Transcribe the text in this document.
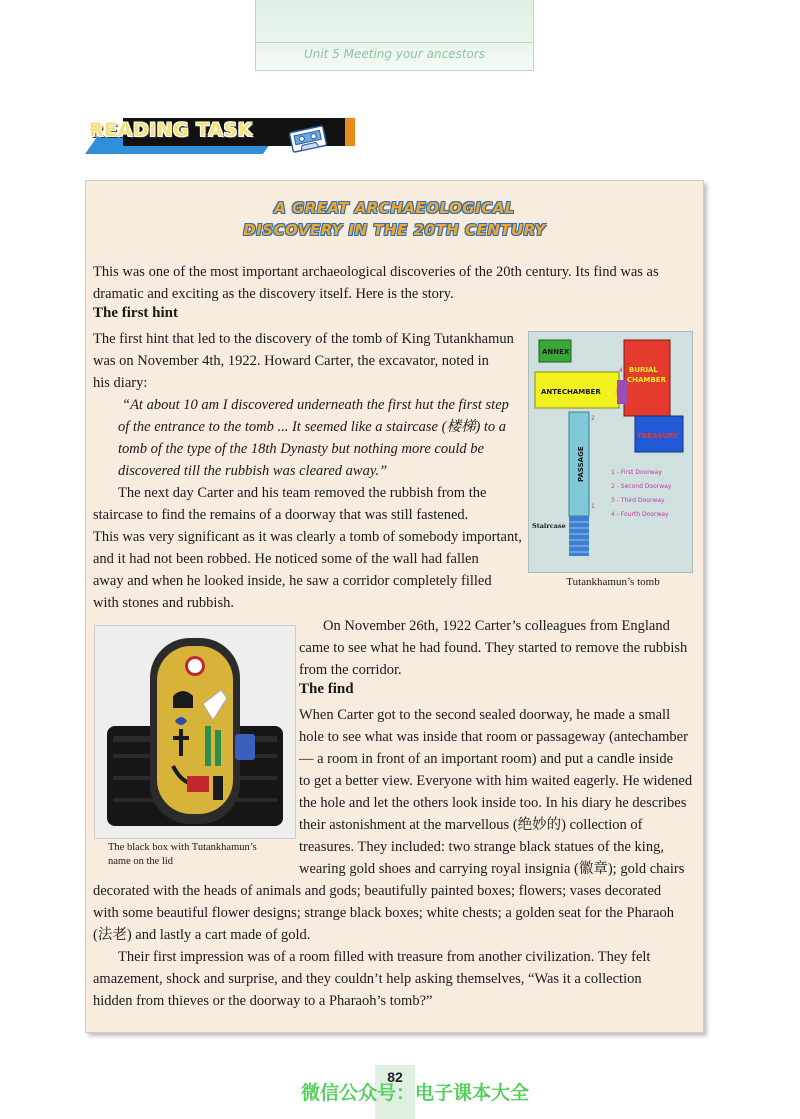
Unit 5 Meeting your ancestors
READING TASK
A GREAT ARCHAEOLOGICAL
DISCOVERY IN THE 20TH CENTURY
This was one of the most important archaeological discoveries of the 20th century. Its find was as
dramatic and exciting as the discovery itself. Here is the story.
The first hint
The first hint that led to the discovery of the tomb of King Tutankhamun
was on November 4th, 1922. Howard Carter, the excavator, noted in
his diary:
“At about 10 am I discovered underneath the first hut the first step
of the entrance to the tomb ... It seemed like a staircase (楼梯) to a
tomb of the type of the 18th Dynasty but nothing more could be
discovered till the rubbish was cleared away.”
The next day Carter and his team removed the rubbish from the
staircase to find the remains of a doorway that was still fastened.
This was very significant as it was clearly a tomb of somebody important,
and it had not been robbed. He noticed some of the wall had fallen
away and when he looked inside, he saw a corridor completely filled
with stones and rubbish.
ANNEX
BURIAL
CHAMBER
ANTECHAMBER
TREASURY
PASSAGE
Staircase
1
2
3
4
1 - First Doorway
2 - Second Doorway
3 - Third Doorway
4 - Fourth Doorway
Tutankhamun’s tomb
The black box with Tutankhamun’s
name on the lid
On November 26th, 1922 Carter’s colleagues from England
came to see what he had found. They started to remove the rubbish
from the corridor.
The find
When Carter got to the second sealed doorway, he made a small
hole to see what was inside that room or passageway (antechamber
— a room in front of an important room) and put a candle inside
to get a better view. Everyone with him waited eagerly. He widened
the hole and let the others look inside too. In his diary he describes
their astonishment at the marvellous (绝妙的) collection of
treasures. They included: two strange black statues of the king,
wearing gold shoes and carrying royal insignia (徽章); gold chairs
decorated with the heads of animals and gods; beautifully painted boxes; flowers; vases decorated
with some beautiful flower designs; strange black boxes; white chests; a golden seat for the Pharaoh
(法老) and lastly a cart made of gold.
Their first impression was of a room filled with treasure from another civilization. They felt
amazement, shock and surprise, and they couldn’t help asking themselves, “Was it a collection
hidden from thieves or the doorway to a Pharaoh’s tomb?”
82
微信公众号：电子课本大全
